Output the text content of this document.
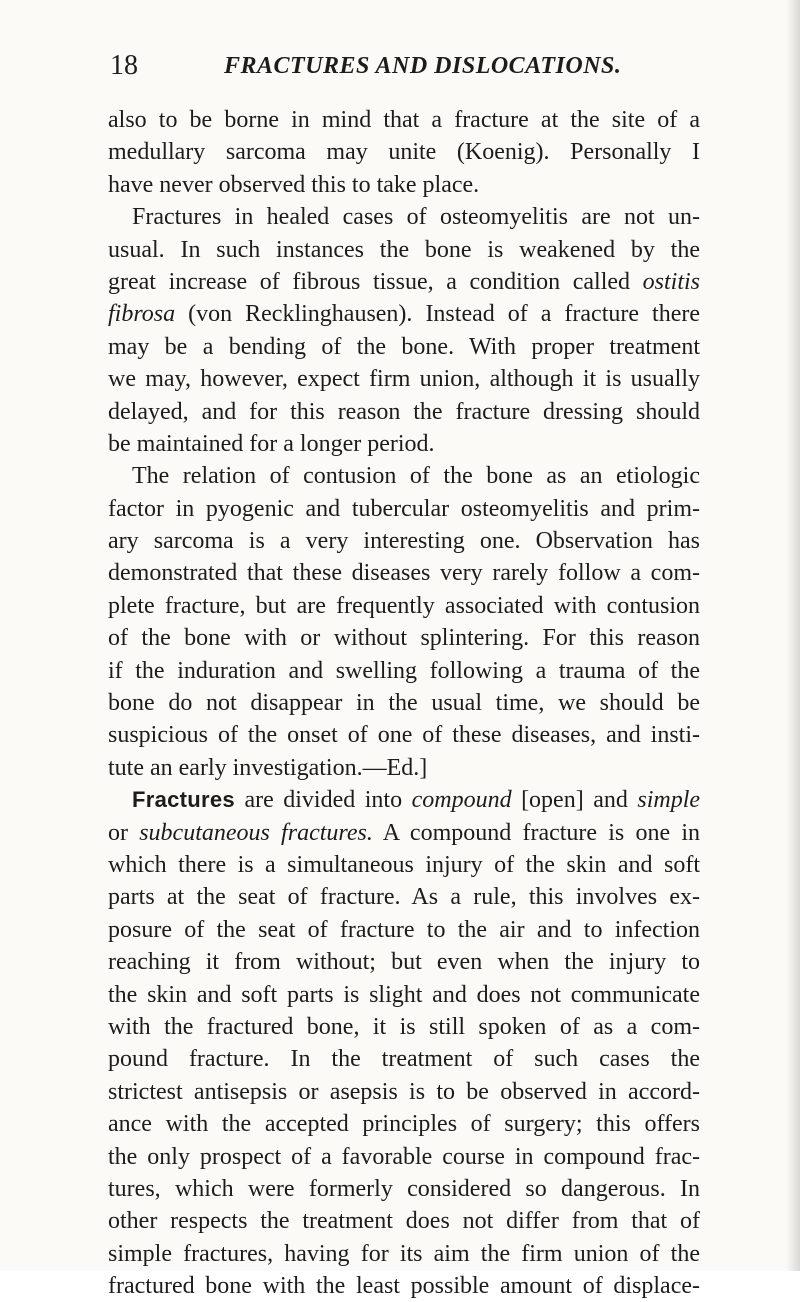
18	FRACTURES AND DISLOCATIONS.
also to be borne in mind that a fracture at the site of a
medullary sarcoma may unite (Koenig). Personally I
have never observed this to take place.
Fractures in healed cases of osteomyelitis are not un-
usual. In such instances the bone is weakened by the
great increase of fibrous tissue, a condition called ostitis
fibrosa (von Recklinghausen). Instead of a fracture there
may be a bending of the bone. With proper treatment
we may, however, expect firm union, although it is usually
delayed, and for this reason the fracture dressing should
be maintained for a longer period.
The relation of contusion of the bone as an etiologic
factor in pyogenic and tubercular osteomyelitis and prim-
ary sarcoma is a very interesting one. Observation has
demonstrated that these diseases very rarely follow a com-
plete fracture, but are frequently associated with contusion
of the bone with or without splintering. For this reason
if the induration and swelling following a trauma of the
bone do not disappear in the usual time, we should be
suspicious of the onset of one of these diseases, and insti-
tute an early investigation.—Ed.]
Fractures are divided into compound [open] and simple
or subcutaneous fractures. A compound fracture is one in
which there is a simultaneous injury of the skin and soft
parts at the seat of fracture. As a rule, this involves ex-
posure of the seat of fracture to the air and to infection
reaching it from without; but even when the injury to
the skin and soft parts is slight and does not communicate
with the fractured bone, it is still spoken of as a com-
pound fracture. In the treatment of such cases the
strictest antisepsis or asepsis is to be observed in accord-
ance with the accepted principles of surgery; this offers
the only prospect of a favorable course in compound frac-
tures, which were formerly considered so dangerous. In
other respects the treatment does not differ from that of
simple fractures, having for its aim the firm union of the
fractured bone with the least possible amount of displace-
